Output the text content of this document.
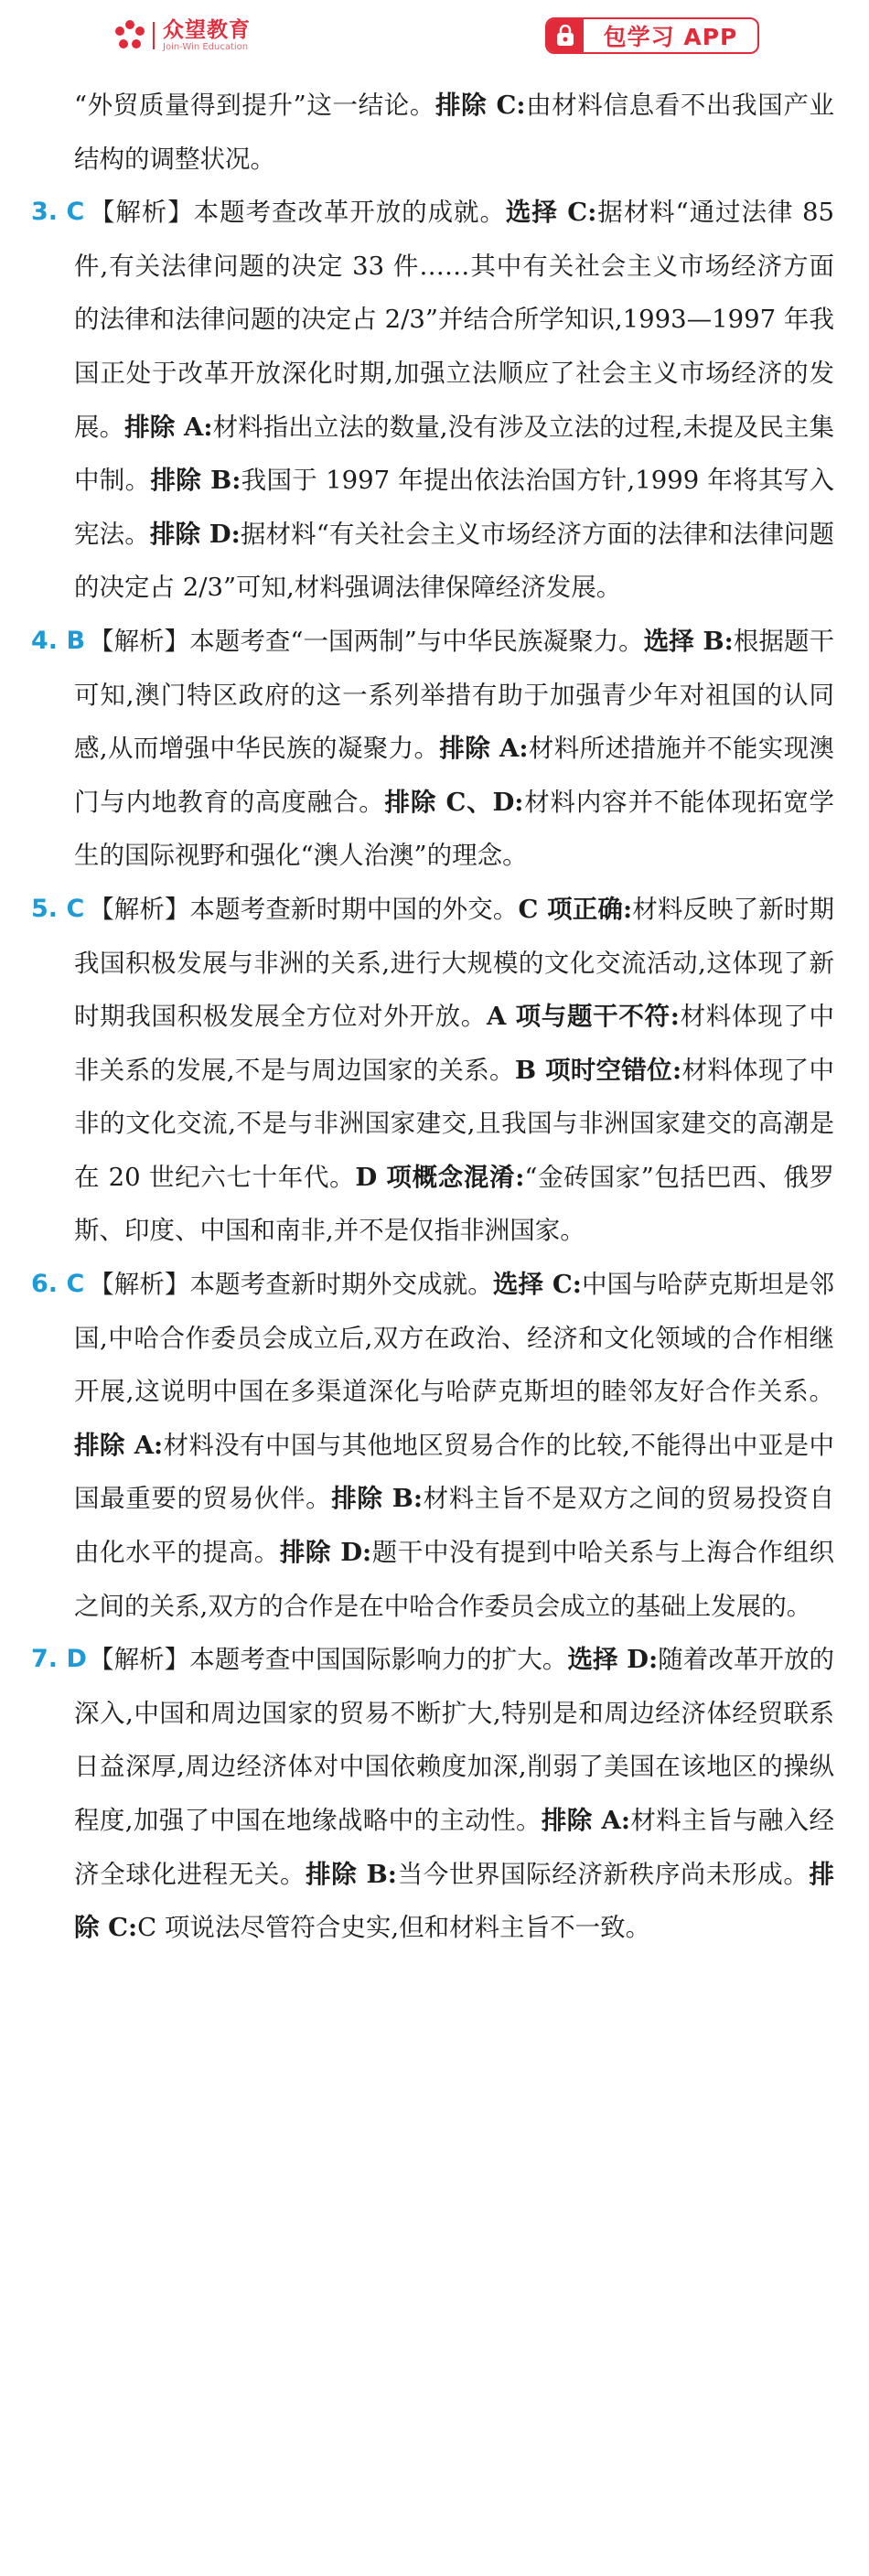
众望教育
Join-Win Education	包学习 APP
“外贸质量得到提升”这一结论。排除 C:由材料信息看不出我国产业结构的调整状况。
3. C 【解析】本题考查改革开放的成就。选择 C:据材料“通过法律 85 件,有关法律问题的决定 33 件……其中有关社会主义市场经济方面的法律和法律问题的决定占 2/3”并结合所学知识,1993—1997 年我国正处于改革开放深化时期,加强立法顺应了社会主义市场经济的发展。排除 A:材料指出立法的数量,没有涉及立法的过程,未提及民主集中制。排除 B:我国于 1997 年提出依法治国方针,1999 年将其写入宪法。排除 D:据材料“有关社会主义市场经济方面的法律和法律问题的决定占 2/3”可知,材料强调法律保障经济发展。
4. B 【解析】本题考查“一国两制”与中华民族凝聚力。选择 B:根据题干可知,澳门特区政府的这一系列举措有助于加强青少年对祖国的认同感,从而增强中华民族的凝聚力。排除 A:材料所述措施并不能实现澳门与内地教育的高度融合。排除 C、D:材料内容并不能体现拓宽学生的国际视野和强化“澳人治澳”的理念。
5. C 【解析】本题考查新时期中国的外交。C 项正确:材料反映了新时期我国积极发展与非洲的关系,进行大规模的文化交流活动,这体现了新时期我国积极发展全方位对外开放。A 项与题干不符:材料体现了中非关系的发展,不是与周边国家的关系。B 项时空错位:材料体现了中非的文化交流,不是与非洲国家建交,且我国与非洲国家建交的高潮是在 20 世纪六七十年代。D 项概念混淆:“金砖国家”包括巴西、俄罗斯、印度、中国和南非,并不是仅指非洲国家。
6. C 【解析】本题考查新时期外交成就。选择 C:中国与哈萨克斯坦是邻国,中哈合作委员会成立后,双方在政治、经济和文化领域的合作相继开展,这说明中国在多渠道深化与哈萨克斯坦的睦邻友好合作关系。排除 A:材料没有中国与其他地区贸易合作的比较,不能得出中亚是中国最重要的贸易伙伴。排除 B:材料主旨不是双方之间的贸易投资自由化水平的提高。排除 D:题干中没有提到中哈关系与上海合作组织之间的关系,双方的合作是在中哈合作委员会成立的基础上发展的。
7. D 【解析】本题考查中国国际影响力的扩大。选择 D:随着改革开放的深入,中国和周边国家的贸易不断扩大,特别是和周边经济体经贸联系日益深厚,周边经济体对中国依赖度加深,削弱了美国在该地区的操纵程度,加强了中国在地缘战略中的主动性。排除 A:材料主旨与融入经济全球化进程无关。排除 B:当今世界国际经济新秩序尚未形成。排除 C:C 项说法尽管符合史实,但和材料主旨不一致。
